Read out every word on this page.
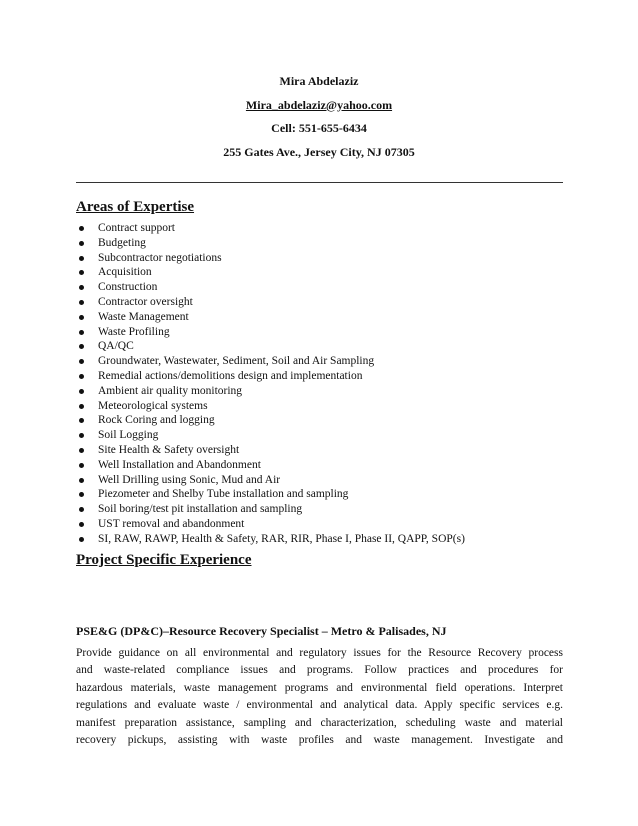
Mira Abdelaziz
Mira_abdelaziz@yahoo.com
Cell: 551-655-6434
255 Gates Ave., Jersey City, NJ 07305
Areas of Expertise
Contract support
Budgeting
Subcontractor negotiations
Acquisition
Construction
Contractor oversight
Waste Management
Waste Profiling
QA/QC
Groundwater, Wastewater, Sediment, Soil and Air Sampling
Remedial actions/demolitions design and implementation
Ambient air quality monitoring
Meteorological systems
Rock Coring and logging
Soil Logging
Site Health & Safety oversight
Well Installation and Abandonment
Well Drilling using Sonic, Mud and Air
Piezometer and Shelby Tube installation and sampling
Soil boring/test pit installation and sampling
UST removal and abandonment
SI, RAW, RAWP, Health & Safety, RAR, RIR, Phase I, Phase II, QAPP, SOP(s)
Project Specific Experience

PSE&G (DP&C)–Resource Recovery Specialist – Metro & Palisades, NJ

Provide guidance on all environmental and regulatory issues for the Resource Recovery process
and waste-related compliance issues and programs. Follow practices and procedures for
hazardous materials, waste management programs and environmental field operations. Interpret
regulations and evaluate waste / environmental and analytical data. Apply specific services e.g.
manifest preparation assistance, sampling and characterization, scheduling waste and material
recovery pickups, assisting with waste profiles and waste management. Investigate and
